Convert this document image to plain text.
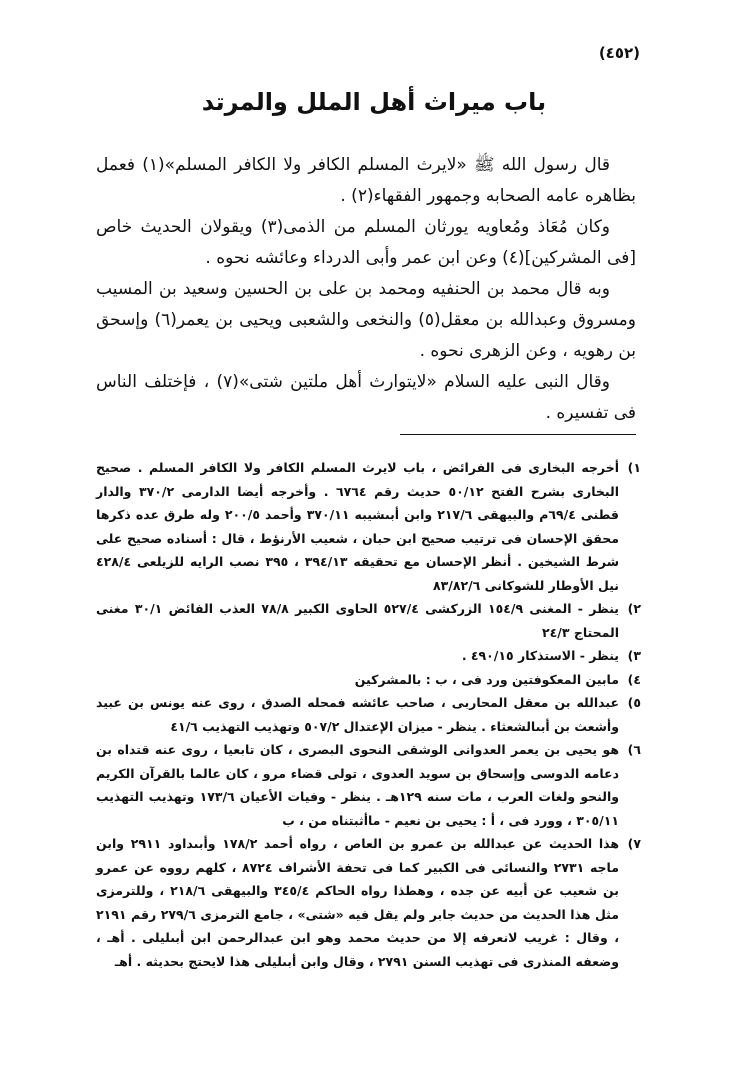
(٤٥٢)
باب ميراث أهل الملل والمرتد

قال رسول الله ﷺ «لايرث المسلم الكافر ولا الكافر المسلم»(١) فعمل بظاهره عامه الصحابه وجمهور الفقهاء(٢) .

وكان مُعَاذ ومُعاويه يورثان المسلم من الذمى(٣) ويقولان الحديث خاص [فى المشركين](٤) وعن ابن عمر وأبى الدرداء وعائشه نحوه .

وبه قال محمد بن الحنفيه ومحمد بن على بن الحسين وسعيد بن المسيب ومسروق وعبدالله بن معقل(٥) والنخعى والشعبى ويحيى بن يعمر(٦) وإسحق بن رهويه ، وعن الزهرى نحوه .

وقال النبى عليه السلام «لايتوارث أهل ملتين شتى»(٧) ، فإختلف الناس فى تفسيره .

١)
أخرجه البخارى فى الفرائض ، باب لايرث المسلم الكافر ولا الكافر المسلم . صحيح البخارى بشرح الفتح ٥٠/١٢ حديث رقم ٦٧٦٤ . وأخرجه أيضا الدارمى ٣٧٠/٢ والدار قطنى ٦٩/٤م والبيهقى ٢١٧/٦ وابن أبىشيبه ٣٧٠/١١ وأحمد ٢٠٠/٥ وله طرق عده ذكرها محقق الإحسان فى ترتيب صحيح ابن حبان ، شعيب الأرنؤط ، قال : أسناده صحيح على شرط الشيخين . أنظر الإحسان مع تحقيقه ٣٩٤/١٣ ، ٣٩٥ نصب الرايه للزيلعى ٤٢٨/٤ نيل الأوطار للشوكانى ٨٣/٨٢/٦
٢)
ينظر - المغنى ١٥٤/٩ الزركشى ٥٢٧/٤ الحاوى الكبير ٧٨/٨ العذب الفائض ٣٠/١ مغنى المحتاج ٢٤/٣
٣)
ينظر - الاستذكار ٤٩٠/١٥ .
٤)
مابين المعكوفتين ورد فى ، ب : بالمشركين
٥)
عبدالله بن معقل المحاربى ، صاحب عائشه فمحله الصدق ، روى عنه يونس بن عبيد وأشعث بن أبىالشعثاء . ينظر - ميزان الإعتدال ٥٠٧/٢ وتهذيب التهذيب ٤١/٦
٦)
هو يحيى بن يعمر العدوانى الوشقى النحوى البصرى ، كان تابعيا ، روى عنه قتداه بن دعامه الدوسى وإسحاق بن سويد العدوى ، تولى قضاء مرو ، كان عالما بالقرآن الكريم والنحو ولغات العرب ، مات سنه ١٢٩هـ . ينظر - وفيات الأعيان ١٧٣/٦ وتهذيب التهذيب ٣٠٥/١١ ، وورد فى ، أ : يحيى بن نعيم - ماأثبتناه من ، ب
٧)
هذا الحديث عن عبدالله بن عمرو بن العاص ، رواه أحمد ١٧٨/٢ وأبىداود ٢٩١١ وابن ماجه ٢٧٣١ والنسائى فى الكبير كما فى تحفة الأشراف ٨٧٢٤ ، كلهم رووه عن عمرو بن شعيب عن أبيه عن جده ، وهطذا رواه الحاكم ٣٤٥/٤ والبيهقى ٢١٨/٦ ، وللترمزى مثل هذا الحديث من حديث جابر ولم يقل فيه «شتى» ، جامع الترمزى ٢٧٩/٦ رقم ٢١٩١ ، وقال : غريب لانعرفه إلا من حديث محمد وهو ابن عبدالرحمن ابن أبىليلى . أهـ ، وضعفه المنذرى فى تهذيب السنن ٢٧٩١ ، وقال وابن أبىليلى هذا لايحتج بحديثه . أهـ
